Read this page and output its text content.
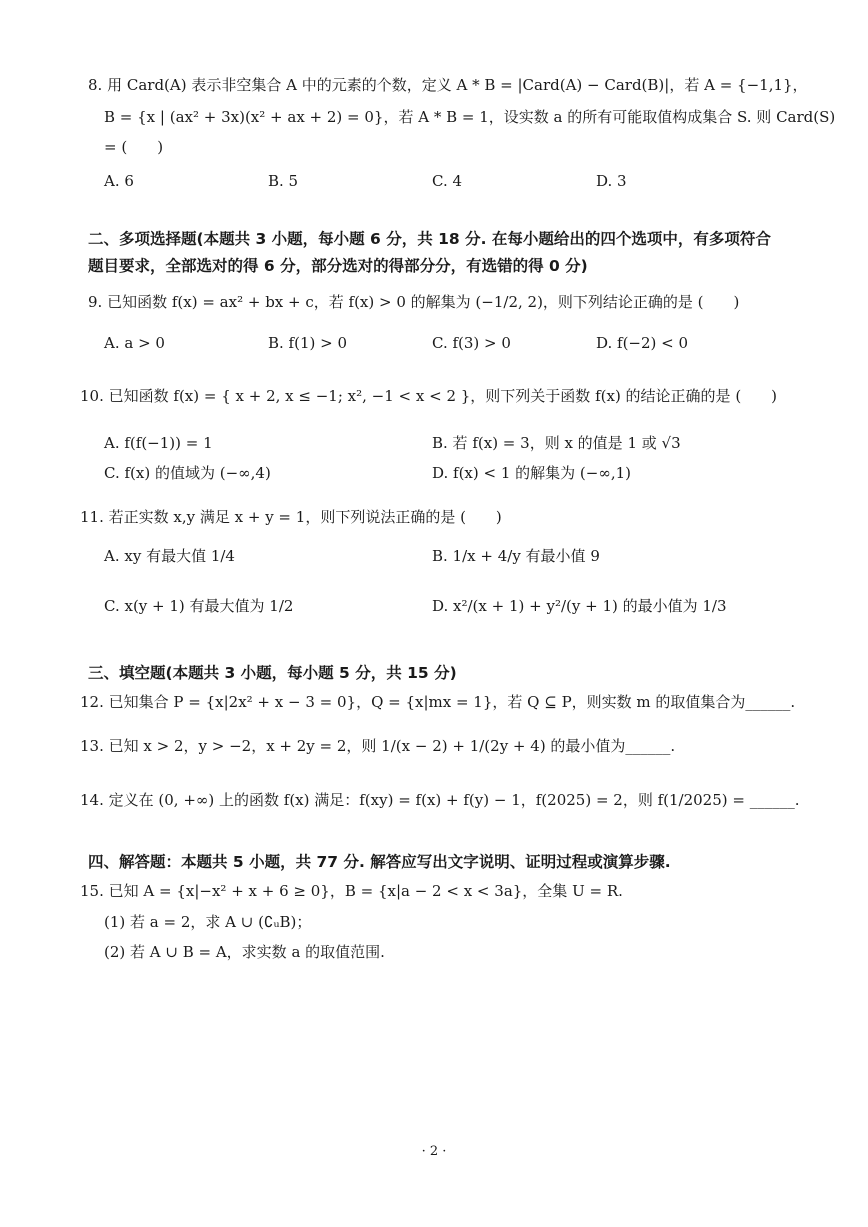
8. 用 Card(A) 表示非空集合 A 中的元素的个数，定义 A * B = |Card(A) − Card(B)|，若 A = {−1,1}，
B = {x | (ax² + 3x)(x² + ax + 2) = 0}，若 A * B = 1，设实数 a 的所有可能取值构成集合 S. 则 Card(S)
= (　　)
A. 6	B. 5	C. 4	D. 3
二、多项选择题(本题共 3 小题，每小题 6 分，共 18 分. 在每小题给出的四个选项中，有多项符合
题目要求，全部选对的得 6 分，部分选对的得部分分，有选错的得 0 分)
9. 已知函数 f(x) = ax² + bx + c，若 f(x) > 0 的解集为 (−1/2, 2)，则下列结论正确的是 (　　)
A. a > 0	B. f(1) > 0	C. f(3) > 0	D. f(−2) < 0
10. 已知函数 f(x) = { x + 2, x ≤ −1; x², −1 < x < 2 }，则下列关于函数 f(x) 的结论正确的是 (　　)
A. f(f(−1)) = 1	B. 若 f(x) = 3，则 x 的值是 1 或 √3
C. f(x) 的值域为 (−∞,4)	D. f(x) < 1 的解集为 (−∞,1)
11. 若正实数 x,y 满足 x + y = 1，则下列说法正确的是 (　　)
A. xy 有最大值 1/4	B. 1/x + 4/y 有最小值 9
C. x(y + 1) 有最大值为 1/2	D. x²/(x + 1) + y²/(y + 1) 的最小值为 1/3
三、填空题(本题共 3 小题，每小题 5 分，共 15 分)
12. 已知集合 P = {x|2x² + x − 3 = 0}，Q = {x|mx = 1}，若 Q ⊆ P，则实数 m 的取值集合为______.
13. 已知 x > 2，y > −2，x + 2y = 2，则 1/(x − 2) + 1/(2y + 4) 的最小值为______.
14. 定义在 (0, +∞) 上的函数 f(x) 满足：f(xy) = f(x) + f(y) − 1，f(2025) = 2，则 f(1/2025) = ______.
四、解答题：本题共 5 小题，共 77 分. 解答应写出文字说明、证明过程或演算步骤.
15. 已知 A = {x|−x² + x + 6 ≥ 0}，B = {x|a − 2 < x < 3a}，全集 U = R.
(1) 若 a = 2，求 A ∪ (∁ᵤB)；
(2) 若 A ∪ B = A，求实数 a 的取值范围.
· 2 ·
